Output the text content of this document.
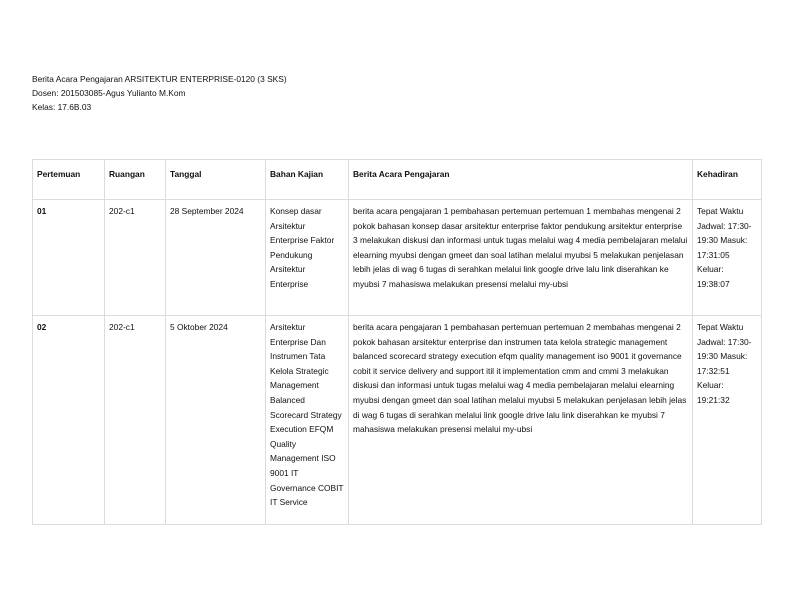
Berita Acara Pengajaran ARSITEKTUR ENTERPRISE-0120 (3 SKS)
Dosen: 201503085-Agus Yulianto M.Kom
Kelas: 17.6B.03
Pertemuan	Ruangan	Tanggal	Bahan Kajian	Berita Acara Pengajaran	Kehadiran
01	202-c1	28 September 2024	Konsep dasar Arsitektur Enterprise Faktor Pendukung Arsitektur Enterprise	berita acara pengajaran 1 pembahasan pertemuan pertemuan 1 membahas mengenai 2 pokok bahasan konsep dasar arsitektur enterprise faktor pendukung arsitektur enterprise 3 melakukan diskusi dan informasi untuk tugas melalui wag 4 media pembelajaran melalui elearning myubsi dengan gmeet dan soal latihan melalui myubsi 5 melakukan penjelasan lebih jelas di wag 6 tugas di serahkan melalui link google drive lalu link diserahkan ke myubsi 7 mahasiswa melakukan presensi melalui my-ubsi	Tepat Waktu Jadwal: 17:30-19:30 Masuk: 17:31:05 Keluar: 19:38:07
02	202-c1	5 Oktober 2024	Arsitektur Enterprise Dan Instrumen Tata Kelola Strategic Management Balanced Scorecard Strategy Execution EFQM Quality Management ISO 9001 IT Governance COBIT IT Service	berita acara pengajaran 1 pembahasan pertemuan pertemuan 2 membahas mengenai 2 pokok bahasan arsitektur enterprise dan instrumen tata kelola strategic management balanced scorecard strategy execution efqm quality management iso 9001 it governance cobit it service delivery and support itil it implementation cmm and cmmi 3 melakukan diskusi dan informasi untuk tugas melalui wag 4 media pembelajaran melalui elearning myubsi dengan gmeet dan soal latihan melalui myubsi 5 melakukan penjelasan lebih jelas di wag 6 tugas di serahkan melalui link google drive lalu link diserahkan ke myubsi 7 mahasiswa melakukan presensi melalui my-ubsi	Tepat Waktu Jadwal: 17:30-19:30 Masuk: 17:32:51 Keluar: 19:21:32
